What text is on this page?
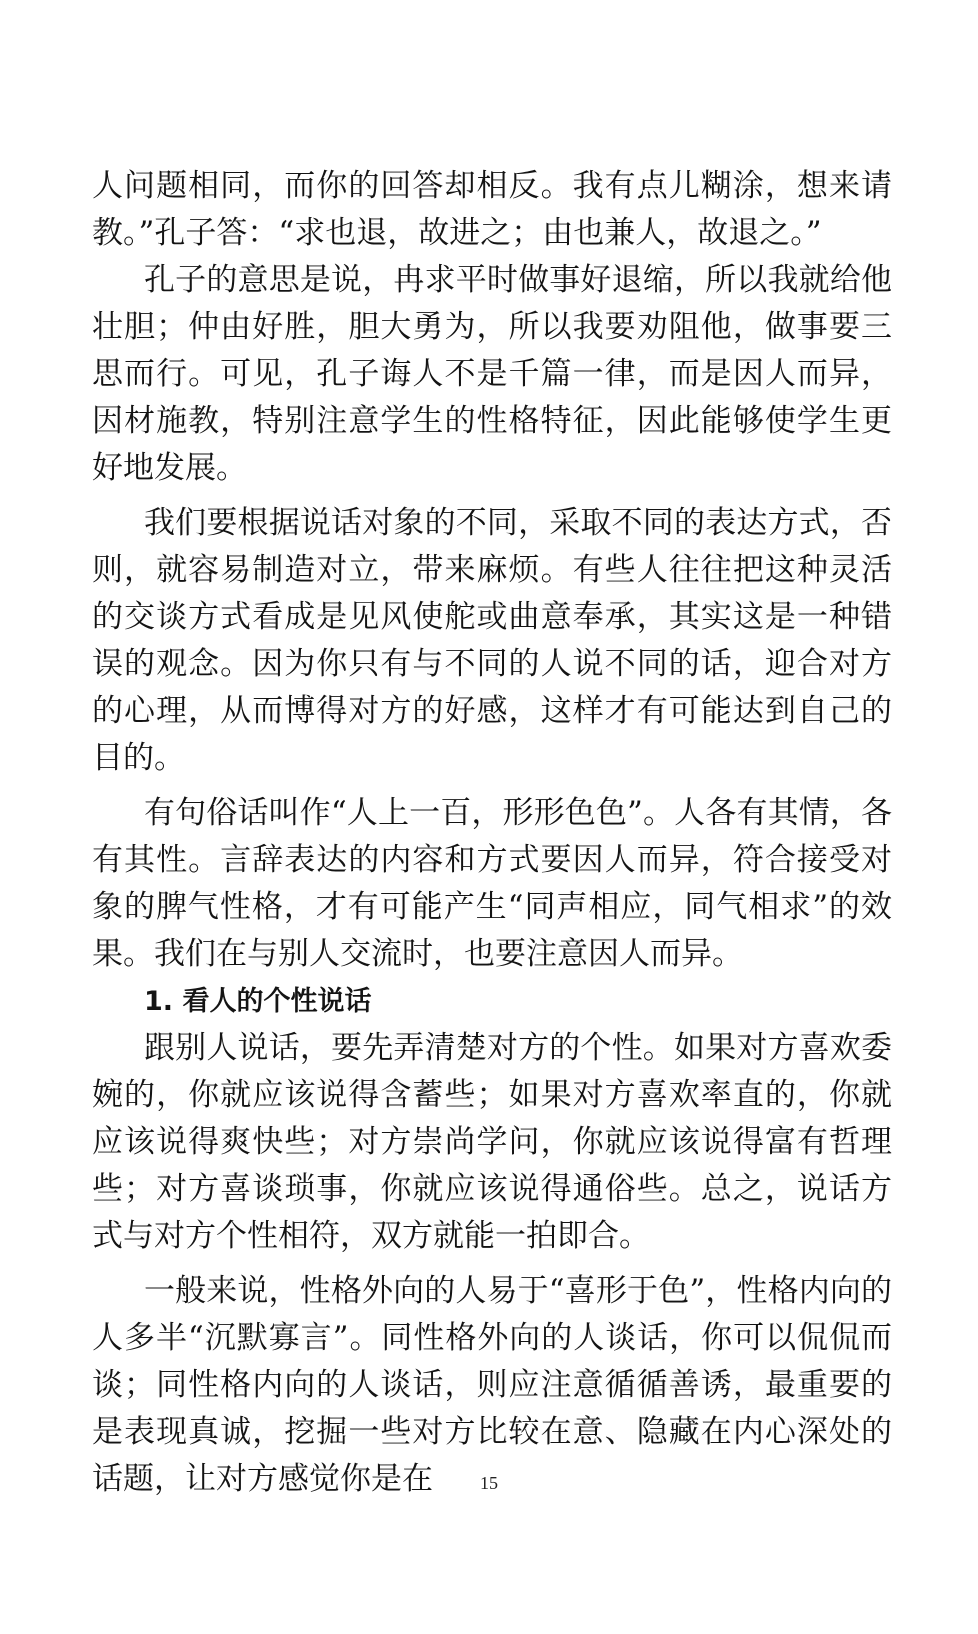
人问题相同，而你的回答却相反。我有点儿糊涂，想来请教。”孔子答：“求也退，故进之；由也兼人，故退之。”

孔子的意思是说，冉求平时做事好退缩，所以我就给他壮胆；仲由好胜，胆大勇为，所以我要劝阻他，做事要三思而行。可见，孔子诲人不是千篇一律，而是因人而异，因材施教，特别注意学生的性格特征，因此能够使学生更好地发展。

我们要根据说话对象的不同，采取不同的表达方式，否则，就容易制造对立，带来麻烦。有些人往往把这种灵活的交谈方式看成是见风使舵或曲意奉承，其实这是一种错误的观念。因为你只有与不同的人说不同的话，迎合对方的心理，从而博得对方的好感，这样才有可能达到自己的目的。

有句俗话叫作“人上一百，形形色色”。人各有其情，各有其性。言辞表达的内容和方式要因人而异，符合接受对象的脾气性格，才有可能产生“同声相应，同气相求”的效果。我们在与别人交流时，也要注意因人而异。

1. 看人的个性说话

跟别人说话，要先弄清楚对方的个性。如果对方喜欢委婉的，你就应该说得含蓄些；如果对方喜欢率直的，你就应该说得爽快些；对方崇尚学问，你就应该说得富有哲理些；对方喜谈琐事，你就应该说得通俗些。总之，说话方式与对方个性相符，双方就能一拍即合。

一般来说，性格外向的人易于“喜形于色”，性格内向的人多半“沉默寡言”。同性格外向的人谈话，你可以侃侃而谈；同性格内向的人谈话，则应注意循循善诱，最重要的是表现真诚，挖掘一些对方比较在意、隐藏在内心深处的话题，让对方感觉你是在	15
